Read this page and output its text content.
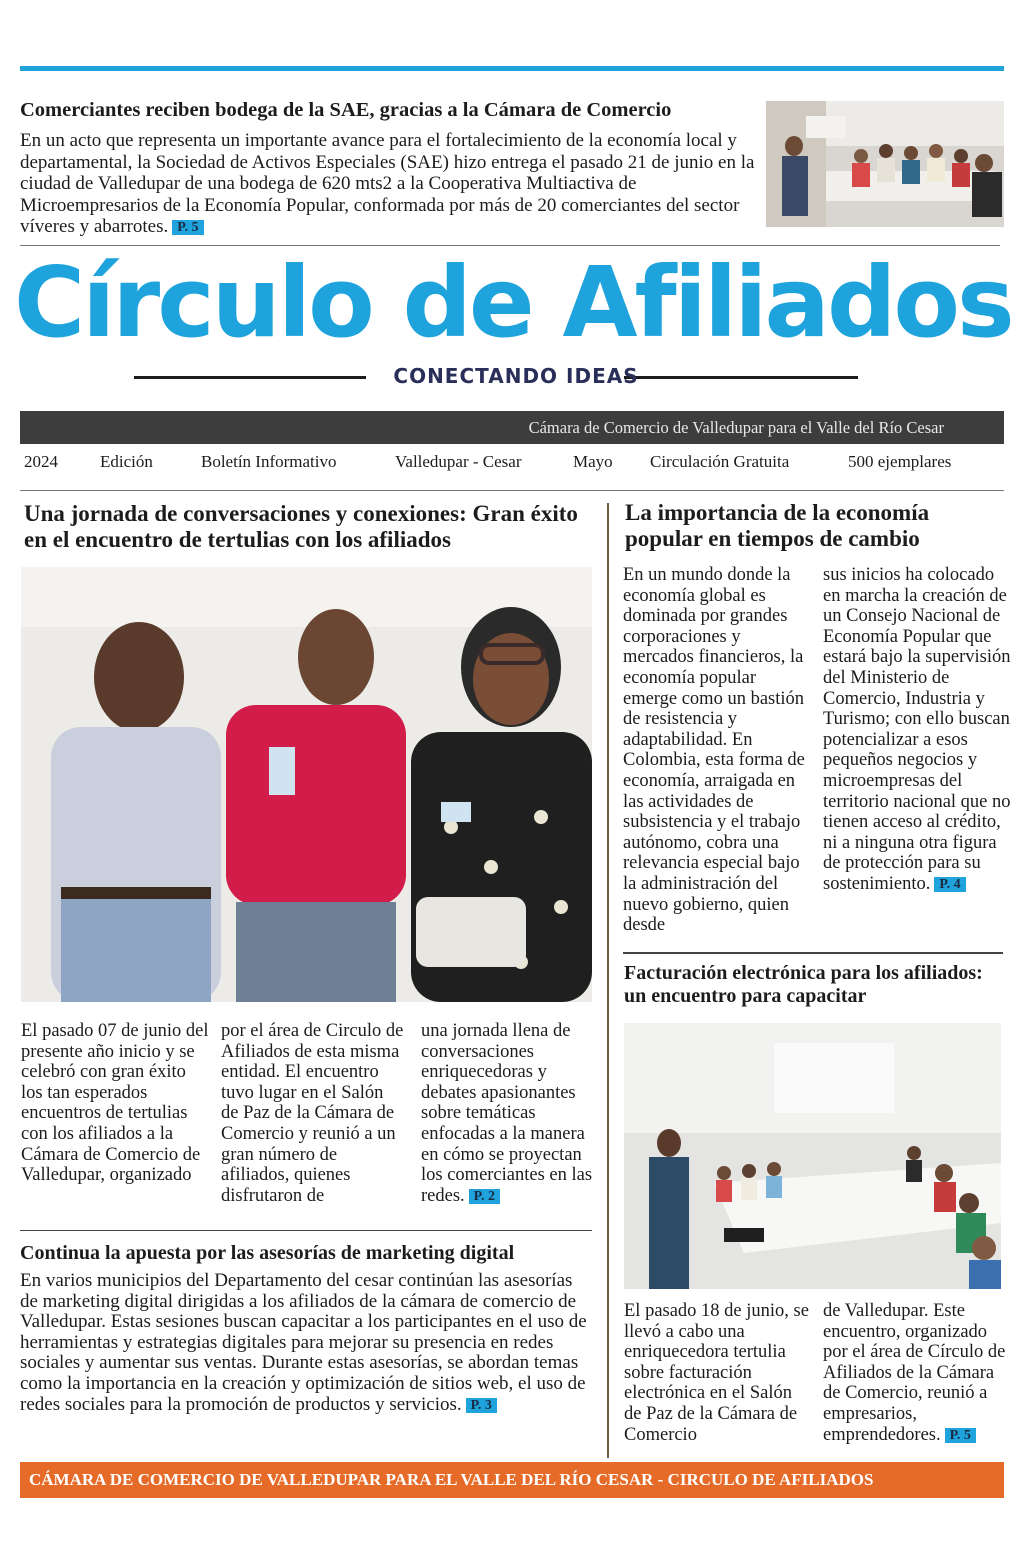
Comerciantes reciben bodega de la SAE, gracias a la Cámara de Comercio

En un acto que representa un importante avance para el fortalecimiento de la economía local y departamental, la Sociedad de Activos Especiales (SAE) hizo entrega el pasado 21 de junio en la ciudad de Valledupar de una bodega de 620 mts2 a la Cooperativa Multiactiva de Microempresarios de la Economía Popular, conformada por más de 20 comerciantes del sector víveres y abarrotes. P. 5

Círculo de Afiliados
CONECTANDO IDEAS
Cámara de Comercio de Valledupar para el Valle del Río Cesar
2024 Edición	Boletín Informativo	Valledupar - Cesar	Mayo Circulación Gratuita	500 ejemplares
Una jornada de conversaciones y conexiones: Gran éxito en el encuentro de tertulias con los afiliados
El pasado 07 de junio del presente año inicio y se celebró con gran éxito los tan esperados encuentros de tertulias con los afiliados a la Cámara de Comercio de Valledupar, organizado
por el área de Circulo de Afiliados de esta misma entidad. El encuentro tuvo lugar en el Salón de Paz de la Cámara de Comercio y reunió a un gran número de afiliados, quienes disfrutaron de
una jornada llena de conversaciones enriquecedoras y debates apasionantes sobre temáticas enfocadas a la manera en cómo se proyectan los comerciantes en las redes. P. 2
Continua la apuesta por las asesorías de marketing digital

En varios municipios del Departamento del cesar continúan las asesorías de marketing digital dirigidas a los afiliados de la cámara de comercio de Valledupar. Estas sesiones buscan capacitar a los participantes en el uso de herramientas y estrategias digitales para mejorar su presencia en redes sociales y aumentar sus ventas. Durante estas asesorías, se abordan temas como la importancia en la creación y optimización de sitios web, el uso de redes sociales para la promoción de productos y servicios. P. 3

La importancia de la economía popular en tiempos de cambio
En un mundo donde la economía global es dominada por grandes corporaciones y mercados financieros, la economía popular emerge como un bastión de resistencia y adaptabilidad. En Colombia, esta forma de economía, arraigada en las actividades de subsistencia y el trabajo autónomo, cobra una relevancia especial bajo la administración del nuevo gobierno, quien desde
sus inicios ha colocado en marcha la creación de un Consejo Nacional de Economía Popular que estará bajo la supervisión del Ministerio de Comercio, Industria y Turismo; con ello buscan potencializar a esos pequeños negocios y microempresas del territorio nacional que no tienen acceso al crédito, ni a ninguna otra figura de protección para su sostenimiento. P. 4
Facturación electrónica para los afiliados: un encuentro para capacitar
El pasado 18 de junio, se llevó a cabo una enriquecedora tertulia sobre facturación electrónica en el Salón de Paz de la Cámara de Comercio
de Valledupar. Este encuentro, organizado por el área de Círculo de Afiliados de la Cámara de Comercio, reunió a empresarios, emprendedores. P. 5
CÁMARA DE COMERCIO DE VALLEDUPAR PARA EL VALLE DEL RÍO CESAR - CIRCULO DE AFILIADOS
